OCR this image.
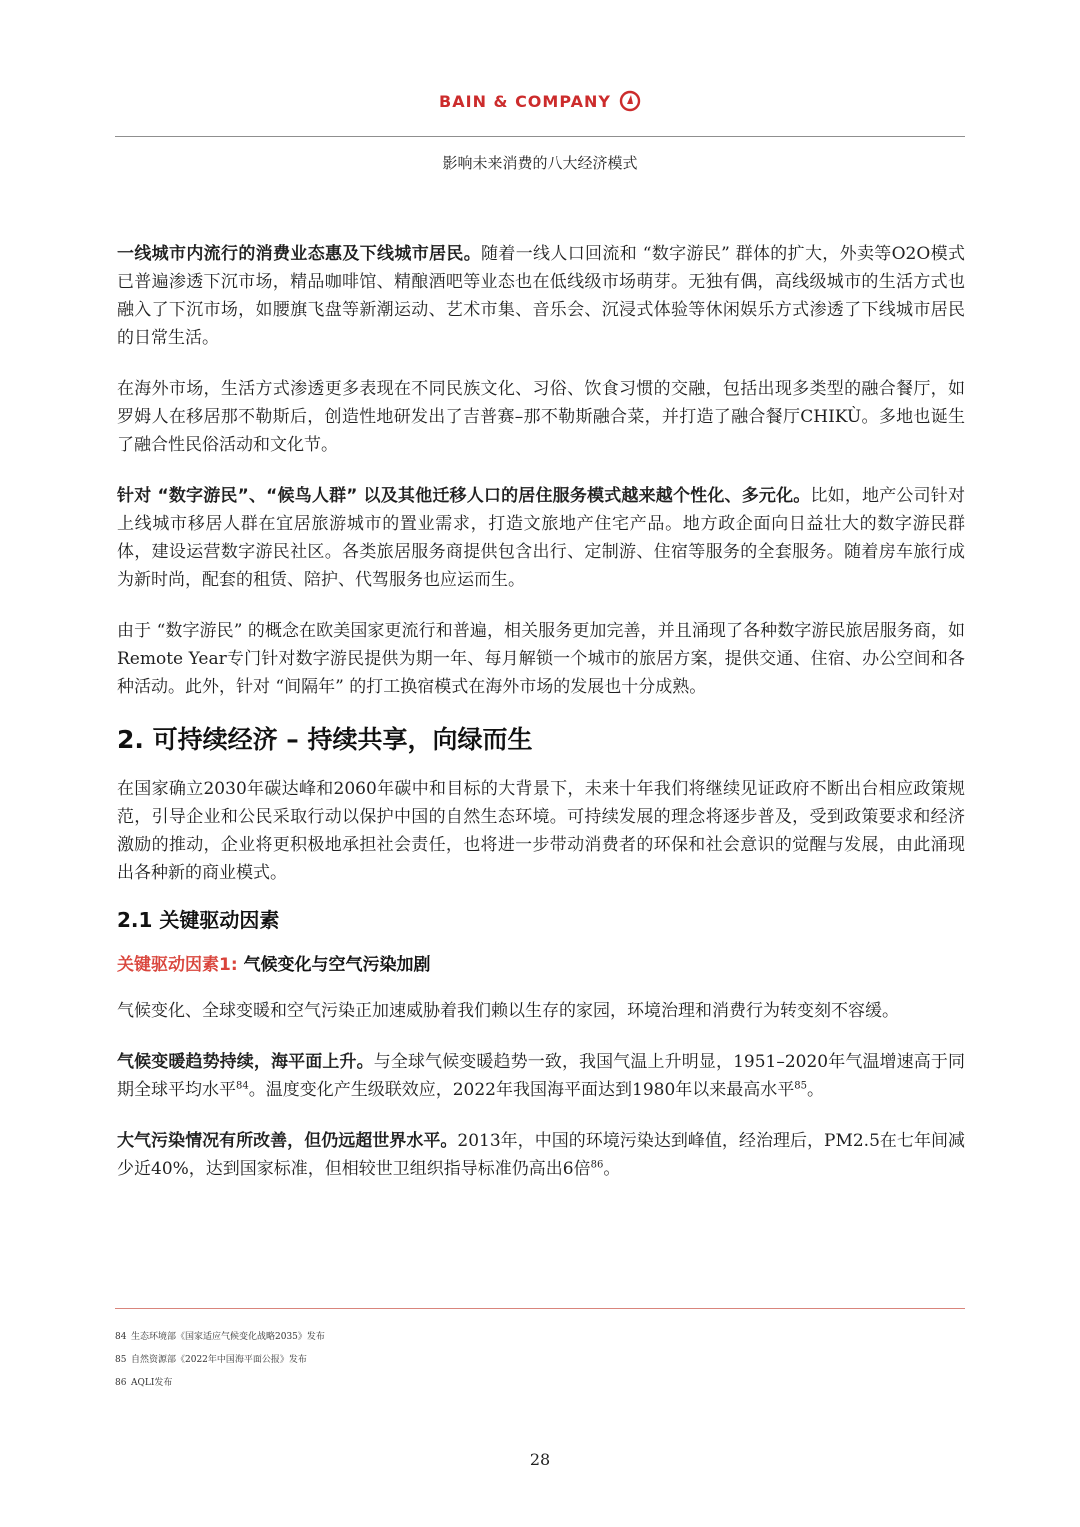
BAIN & COMPANY
影响未来消费的八大经济模式

一线城市内流行的消费业态惠及下线城市居民。随着一线人口回流和 “数字游民” 群体的扩大，外卖等O2O模式已普遍渗透下沉市场，精品咖啡馆、精酿酒吧等业态也在低线级市场萌芽。无独有偶，高线级城市的生活方式也融入了下沉市场，如腰旗飞盘等新潮运动、艺术市集、音乐会、沉浸式体验等休闲娱乐方式渗透了下线城市居民的日常生活。

在海外市场，生活方式渗透更多表现在不同民族文化、习俗、饮食习惯的交融，包括出现多类型的融合餐厅，如罗姆人在移居那不勒斯后，创造性地研发出了吉普赛–那不勒斯融合菜，并打造了融合餐厅CHIKÙ。多地也诞生了融合性民俗活动和文化节。

针对 “数字游民”、“候鸟人群” 以及其他迁移人口的居住服务模式越来越个性化、多元化。比如，地产公司针对上线城市移居人群在宜居旅游城市的置业需求，打造文旅地产住宅产品。地方政企面向日益壮大的数字游民群体，建设运营数字游民社区。各类旅居服务商提供包含出行、定制游、住宿等服务的全套服务。随着房车旅行成为新时尚，配套的租赁、陪护、代驾服务也应运而生。

由于 “数字游民” 的概念在欧美国家更流行和普遍，相关服务更加完善，并且涌现了各种数字游民旅居服务商，如Remote Year专门针对数字游民提供为期一年、每月解锁一个城市的旅居方案，提供交通、住宿、办公空间和各种活动。此外，针对 “间隔年” 的打工换宿模式在海外市场的发展也十分成熟。

2. 可持续经济 – 持续共享，向绿而生

在国家确立2030年碳达峰和2060年碳中和目标的大背景下，未来十年我们将继续见证政府不断出台相应政策规范，引导企业和公民采取行动以保护中国的自然生态环境。可持续发展的理念将逐步普及，受到政策要求和经济激励的推动，企业将更积极地承担社会责任，也将进一步带动消费者的环保和社会意识的觉醒与发展，由此涌现出各种新的商业模式。

2.1 关键驱动因素
关键驱动因素1: 气候变化与空气污染加剧

气候变化、全球变暖和空气污染正加速威胁着我们赖以生存的家园，环境治理和消费行为转变刻不容缓。

气候变暖趋势持续，海平面上升。与全球气候变暖趋势一致，我国气温上升明显，1951–2020年气温增速高于同期全球平均水平$^{84}$。温度变化产生级联效应，2022年我国海平面达到1980年以来最高水平$^{85}$。

大气污染情况有所改善，但仍远超世界水平。2013年，中国的环境污染达到峰值，经治理后，PM2.5在七年间减少近40%，达到国家标准，但相较世卫组织指导标准仍高出6倍$^{86}$。

84 生态环境部《国家适应气候变化战略2035》发布
85 自然资源部《2022年中国海平面公报》发布
86 AQLI发布
28
